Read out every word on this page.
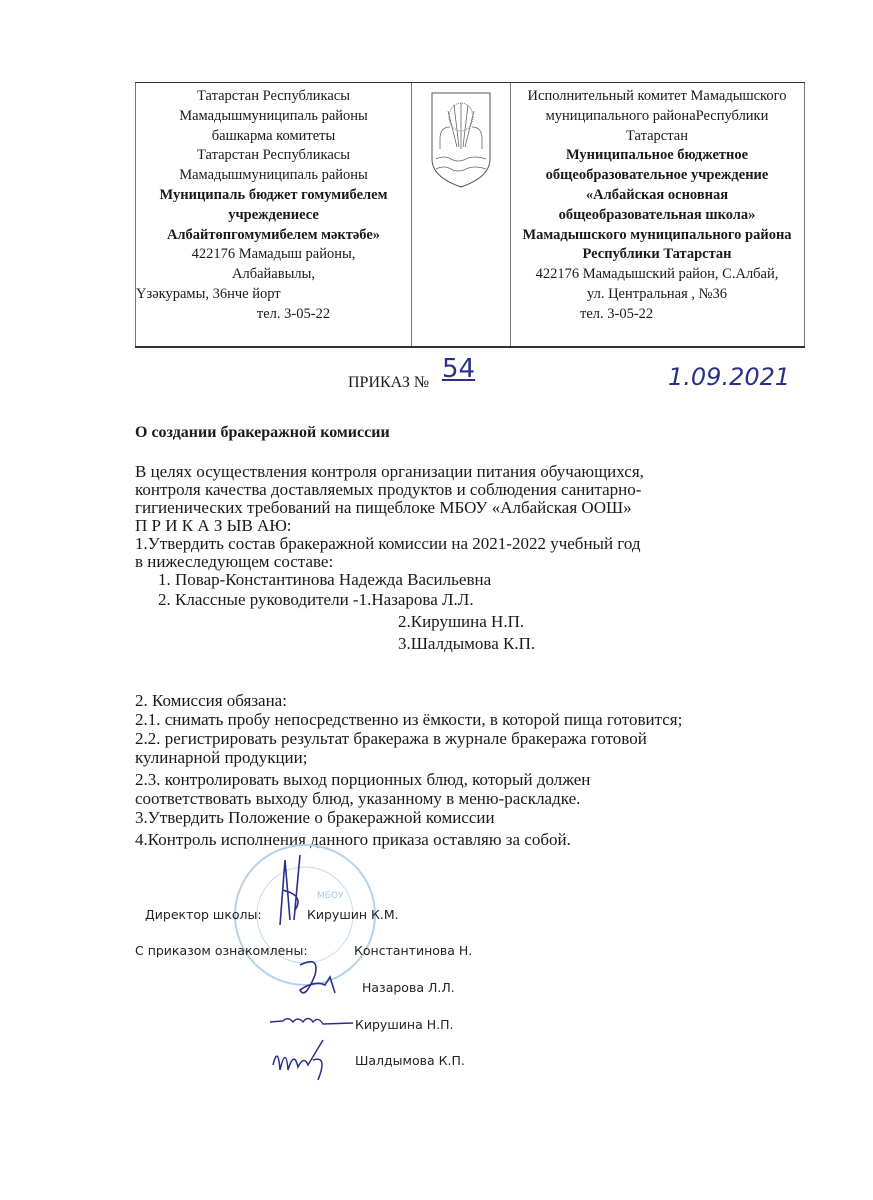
Татарстан Республикасы
Мамадышмуниципаль районы
башкарма комитеты
Татарстан Республикасы
Мамадышмуниципаль районы
Муниципаль бюджет гомумибелем
учреждениесе
Албайтөпгомумибелем мәктәбе»
422176 Мамадыш районы,
Албайавылы,
Үзәкурамы, 36нче йорт
тел. 3-05-22
Исполнительный комитет Мамадышского
муниципального районаРеспублики
Татарстан
Муниципальное бюджетное
общеобразовательное учреждение
«Албайская основная
общеобразовательная школа»
Мамадышского муниципального района
Республики Татарстан
422176 Мамадышский район, С.Албай,
ул. Центральная , №36
тел. 3-05-22
ПРИКАЗ № 54	1.09.2021
О создании бракеражной комиссии
В целях осуществления контроля организации питания обучающихся,
контроля качества доставляемых продуктов и соблюдения санитарно-
гигиенических требований на пищеблоке МБОУ «Албайская ООШ»
П Р И К А З ЫВ АЮ:
1.Утвердить состав бракеражной комиссии на 2021-2022 учебный год
в нижеследующем составе:
1. Повар-Константинова Надежда Васильевна
2. Классные руководители -1.Назарова Л.Л.
2.Кирушина Н.П.
3.Шалдымова К.П.
2. Комиссия обязана:
2.1. снимать пробу непосредственно из ёмкости, в которой пища готовится;
2.2. регистрировать результат бракеража в журнале бракеража готовой
кулинарной продукции;
2.3. контролировать выход порционных блюд, который должен
соответствовать выходу блюд, указанному в меню-раскладке.
3.Утвердить Положение о бракеражной комиссии
4.Контроль исполнения данного приказа оставляю за собой.
МБОУ
Директор школы:	Кирушин К.М.
С приказом ознакомлены:	Константинова Н.
Назарова Л.Л.
Кирушина Н.П.
Шалдымова К.П.
